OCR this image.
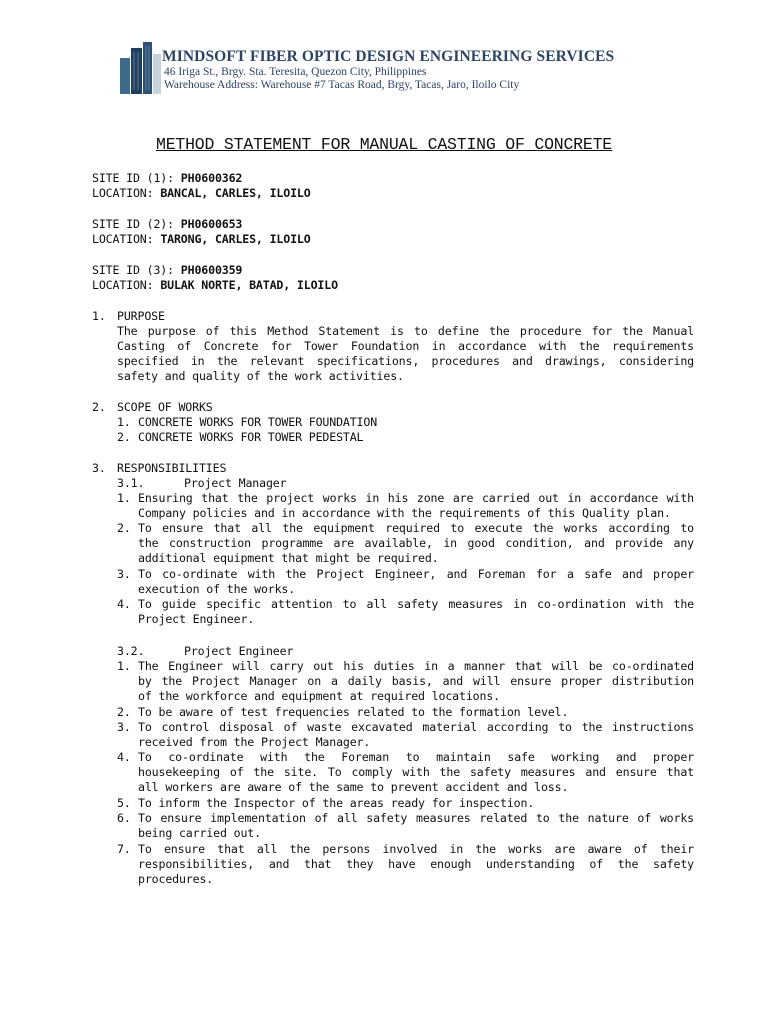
MINDSOFT FIBER OPTIC DESIGN ENGINEERING SERVICES
46 Iriga St., Brgy. Sta. Teresita, Quezon City, Philippines
Warehouse Address: Warehouse #7 Tacas Road, Brgy, Tacas, Jaro, Iloilo City
METHOD STATEMENT FOR MANUAL CASTING OF CONCRETE
SITE ID (1): PH0600362
LOCATION: BANCAL, CARLES, ILOILO
SITE ID (2): PH0600653
LOCATION: TARONG, CARLES, ILOILO
SITE ID (3): PH0600359
LOCATION: BULAK NORTE, BATAD, ILOILO
1. PURPOSE
The purpose of this Method Statement is to define the procedure for the Manual
Casting of Concrete for Tower Foundation in accordance with the requirements
specified in the relevant specifications, procedures and drawings, considering
safety and quality of the work activities.
2. SCOPE OF WORKS
1. CONCRETE WORKS FOR TOWER FOUNDATION
2. CONCRETE WORKS FOR TOWER PEDESTAL
3. RESPONSIBILITIES
3.1.	Project Manager
1. Ensuring that the project works in his zone are carried out in accordance with
Company policies and in accordance with the requirements of this Quality plan.
2. To ensure that all the equipment required to execute the works according to
the construction programme are available, in good condition, and provide any
additional equipment that might be required.
3. To co-ordinate with the Project Engineer, and Foreman for a safe and proper
execution of the works.
4. To guide specific attention to all safety measures in co-ordination with the
Project Engineer.
3.2.	Project Engineer
1. The Engineer will carry out his duties in a manner that will be co-ordinated
by the Project Manager on a daily basis, and will ensure proper distribution
of the workforce and equipment at required locations.
2. To be aware of test frequencies related to the formation level.
3. To control disposal of waste excavated material according to the instructions
received from the Project Manager.
4. To co-ordinate with the Foreman to maintain safe working and proper
housekeeping of the site. To comply with the safety measures and ensure that
all workers are aware of the same to prevent accident and loss.
5. To inform the Inspector of the areas ready for inspection.
6. To ensure implementation of all safety measures related to the nature of works
being carried out.
7. To ensure that all the persons involved in the works are aware of their
responsibilities, and that they have enough understanding of the safety
procedures.
